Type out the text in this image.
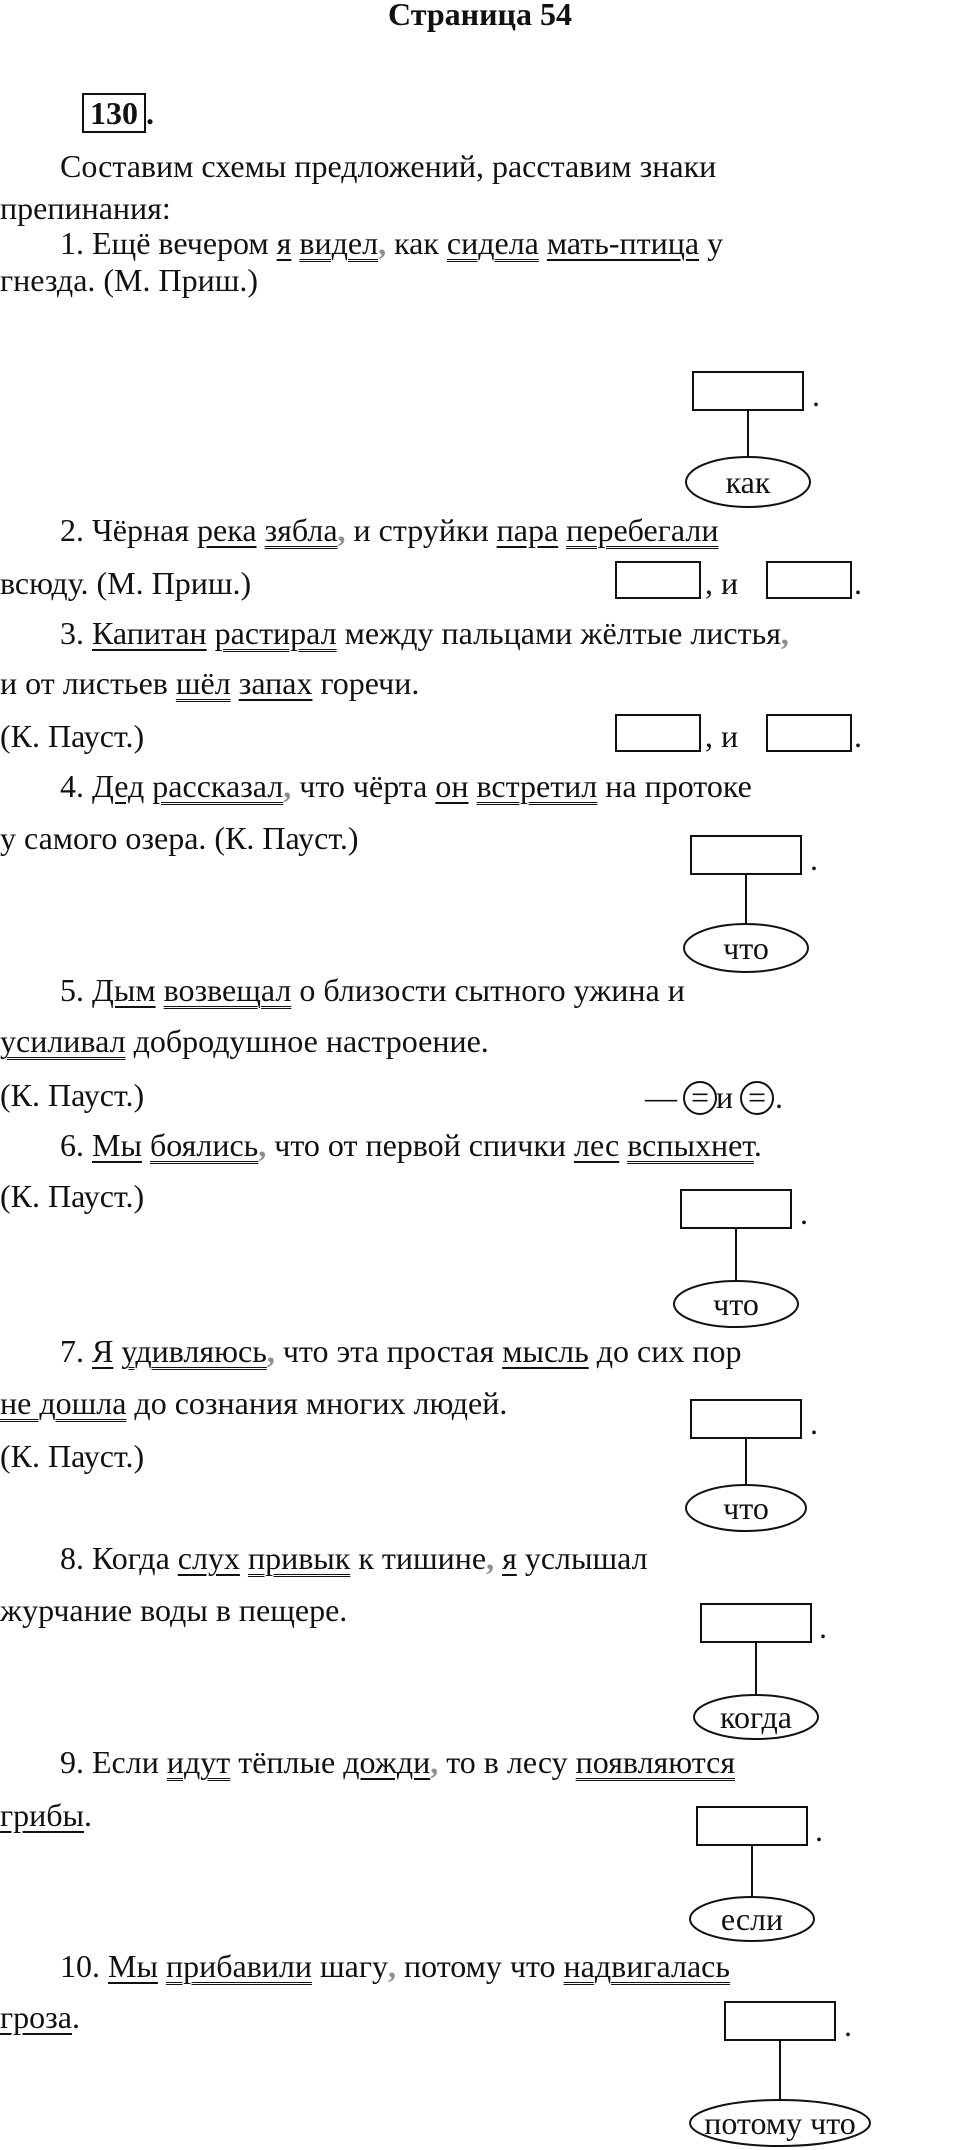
Страница 54
130 .
Составим схемы предложений, расставим знаки
препинания:
1. Ещё вечером я видел, как сидела мать-птица у
гнезда. (М. Приш.)
.
как
2. Чёрная река зябла, и струйки пара перебегали
всюду. (М. Приш.)	, и	.
3. Капитан растирал между пальцами жёлтые листья,
и от листьев шёл запах горечи.
(К. Пауст.)	, и	.
4. Дед рассказал, что чёрта он встретил на протоке
у самого озера. (К. Пауст.)
.
что
5. Дым возвещал о близости сытного ужина и
усиливал добродушное настроение.
(К. Пауст.)	— = и = .
6. Мы боялись, что от первой спички лес вспыхнет.
(К. Пауст.)	.
что
7. Я удивляюсь, что эта простая мысль до сих пор
не дошла до сознания многих людей.
(К. Пауст.)
.
что
8. Когда слух привык к тишине, я услышал
журчание воды в пещере.	.
когда
9. Если идут тёплые дожди, то в лесу появляются
грибы.	.
если
10. Мы прибавили шагу, потому что надвигалась
гроза.	.
потому что
